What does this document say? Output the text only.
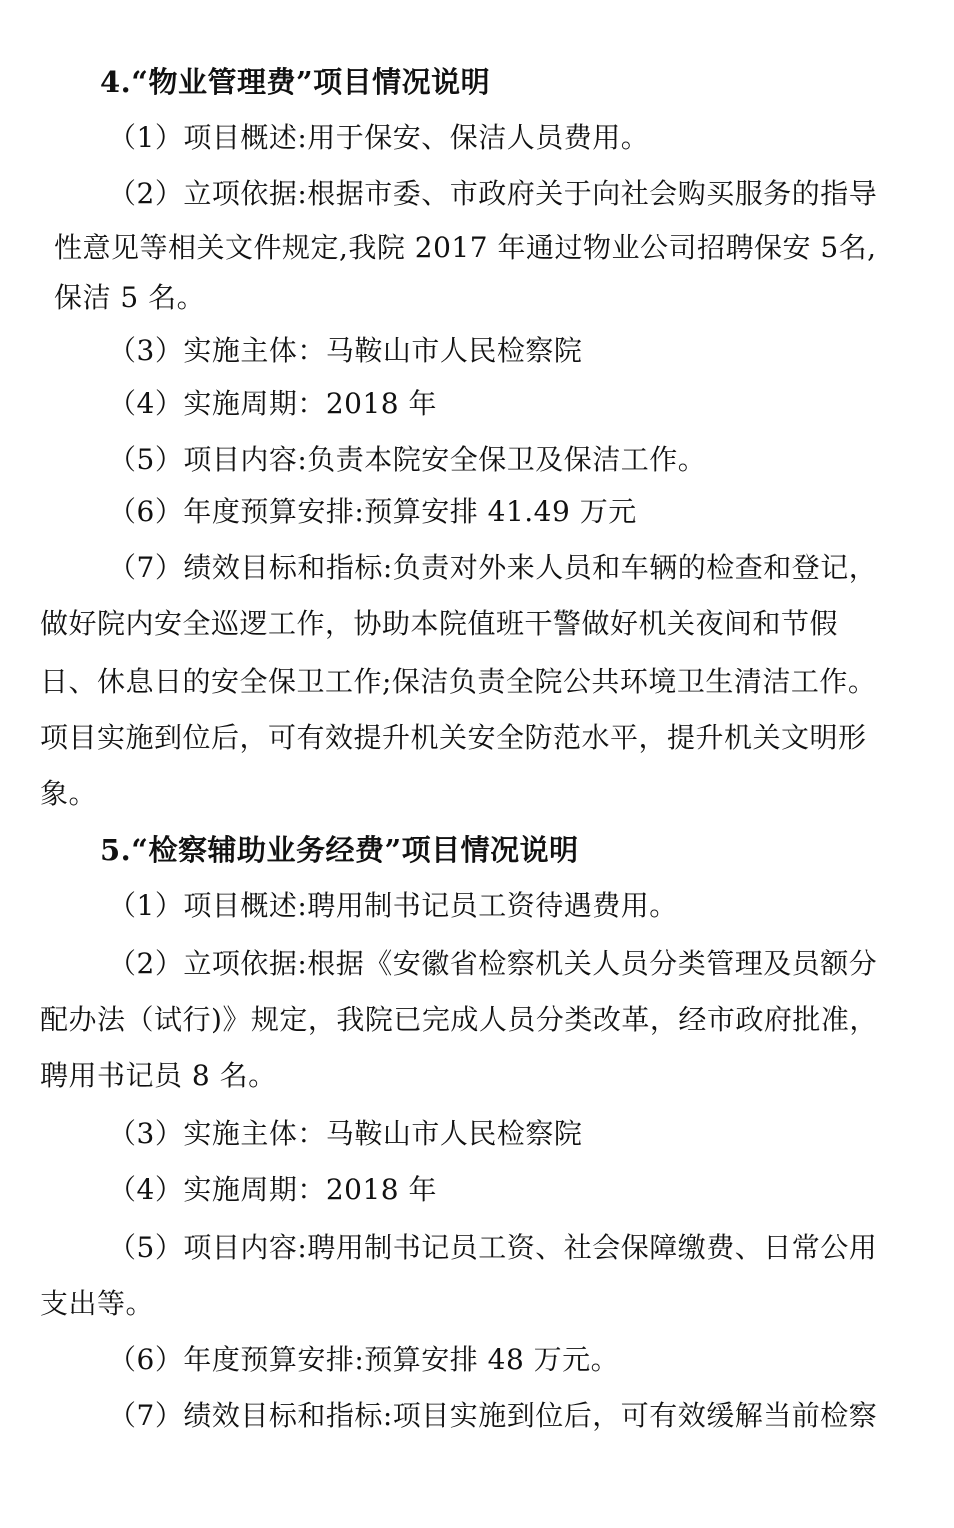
4.“物业管理费”项目情况说明
（1）项目概述:用于保安、保洁人员费用。
（2）立项依据:根据市委、市政府关于向社会购买服务的指导
性意见等相关文件规定,我院 2017 年通过物业公司招聘保安 5名,
保洁 5 名。
（3）实施主体：马鞍山市人民检察院
（4）实施周期：2018 年
（5）项目内容:负责本院安全保卫及保洁工作。
（6）年度预算安排:预算安排 41.49 万元
（7）绩效目标和指标:负责对外来人员和车辆的检查和登记，
做好院内安全巡逻工作，协助本院值班干警做好机关夜间和节假
日、休息日的安全保卫工作;保洁负责全院公共环境卫生清洁工作。
项目实施到位后，可有效提升机关安全防范水平，提升机关文明形
象。
5.“检察辅助业务经费”项目情况说明
（1）项目概述:聘用制书记员工资待遇费用。
（2）立项依据:根据《安徽省检察机关人员分类管理及员额分
配办法（试行)》规定，我院已完成人员分类改革，经市政府批准，
聘用书记员 8 名。
（3）实施主体：马鞍山市人民检察院
（4）实施周期：2018 年
（5）项目内容:聘用制书记员工资、社会保障缴费、日常公用
支出等。
（6）年度预算安排:预算安排 48 万元。
（7）绩效目标和指标:项目实施到位后，可有效缓解当前检察
